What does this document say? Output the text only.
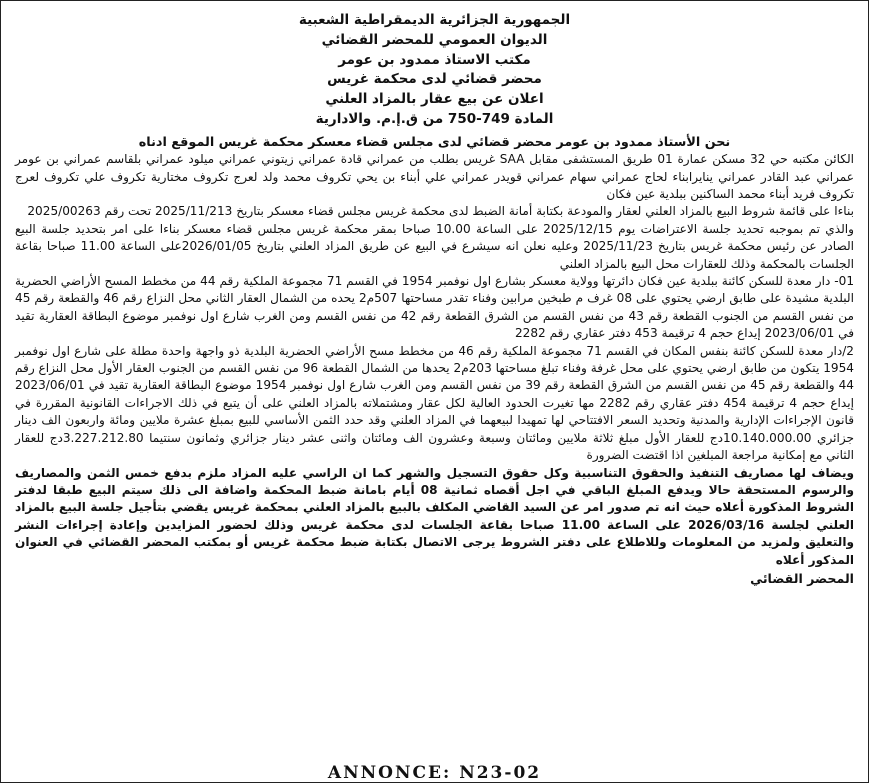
الجمهورية الجزائرية الديمقراطية الشعبية
الديوان العمومي للمحضر القضائي
مكتب الاستاذ ممدود بن عومر
محضر قضائي لدى محكمة غريس
اعلان عن بيع عقار بالمزاد العلني
المادة 749-750 من ق.إ.م. والادارية

نحن الأستاذ ممدود بن عومر محضر قضائي لدى مجلس قضاء معسكر محكمة غريس الموقع ادناه

الكائن مكتبه حي 32 مسكن عمارة 01 طريق المستشفى مقابل SAA غريس بطلب من عمراني قادة عمراني زيتوني عمراني ميلود عمراني بلقاسم عمراني بن عومر عمراني عبد القادر عمراني ينايرابناء لحاج عمراني سهام عمراني قويدر عمراني علي أبناء بن يحي تكروف محمد ولد لعرج تكروف مختارية تكروف علي تكروف لعرج تكروف فريد أبناء محمد الساكنين ببلدية عين فكان

بناءا على قائمة شروط البيع بالمزاد العلني لعقار والمودعة بكتابة أمانة الضبط لدى محكمة غريس مجلس قضاء معسكر بتاريخ 2025/11/213 تحت رقم 2025/00263

والذي تم بموجبه تحديد جلسة الاعتراضات يوم 2025/12/15 على الساعة 10.00 صباحا بمقر محكمة غريس مجلس قضاء معسكر بناءا على امر بتحديد جلسة البيع الصادر عن رئيس محكمة غريس بتاريخ 2025/11/23 وعليه نعلن انه سيشرع في البيع عن طريق المزاد العلني بتاريخ 2026/01/05على الساعة 11.00 صباحا بقاعة الجلسات بالمحكمة وذلك للعقارات محل البيع بالمزاد العلني

01- دار معدة للسكن كائنة ببلدية عين فكان دائرتها وولاية معسكر بشارع اول نوفمبر 1954 في القسم 71 مجموعة الملكية رقم 44 من مخطط المسح الأراضي الحضرية البلدية مشيدة على طابق ارضي يحتوي على 08 غرف م طبخين مرابين وفناء تقدر مساحتها 507م2 يحده من الشمال العقار الثاني محل النزاع رقم 46 والقطعة رقم 45 من نفس القسم من الجنوب القطعة رقم 43 من نفس القسم من الشرق القطعة رقم 42 من نفس القسم ومن الغرب شارع اول نوفمبر موضوع البطاقة العقارية تقيد في 2023/06/01 إيداع حجم 4 ترقيمة 453 دفتر عقاري رقم 2282

2/دار معدة للسكن كائنة بنفس المكان في القسم 71 مجموعة الملكية رقم 46 من مخطط مسح الأراضي الحضرية البلدية ذو واجهة واحدة مطلة على شارع اول نوفمبر 1954 يتكون من طابق ارضي يحتوي على محل غرفة وفناء تبلغ مساحتها 203م2 يحدها من الشمال القطعة 96 من نفس القسم من الجنوب العقار الأول محل النزاع رقم 44 والقطعة رقم 45 من نفس القسم من الشرق القطعة رقم 39 من نفس القسم ومن الغرب شارع اول نوفمبر 1954 موضوع البطاقة العقارية تقيد في 2023/06/01 إيداع حجم 4 ترقيمة 454 دفتر عقاري رقم 2282 مها تغيرت الحدود العالية لكل عقار ومشتملاته بالمزاد العلني على أن يتبع في ذلك الاجراءات القانونية المقررة في قانون الإجراءات الإدارية والمدنية وتحديد السعر الافتتاحي لها تمهيدا لبيعهما في المزاد العلني وقد حدد الثمن الأساسي للبيع بمبلغ عشرة ملايين ومائة واربعون الف دينار جزائري 10.140.000.00دج للعقار الأول مبلغ ثلاثة ملايين ومائتان وسبعة وعشرون الف ومائتان واثنى عشر دينار جزائري وثمانون سنتيما 3.227.212.80دج للعقار الثاني مع إمكانية مراجعة المبلغين اذا اقتضت الضرورة

ويضاف لها مصاريف التنفيذ والحقوق التناسبية وكل حقوق التسجيل والشهر كما ان الراسي عليه المزاد ملزم بدفع خمس الثمن والمصاريف والرسوم المستحقة حالا ويدفع المبلغ الباقي في اجل أقصاه ثمانية 08 أيام بامانة ضبط المحكمة واضافة الى ذلك سيتم البيع طبقا لدفتر الشروط المذكورة أعلاه حيث انه تم صدور امر عن السيد القاضي المكلف بالبيع بالمزاد العلني بمحكمة غريس يقضي بتأجيل جلسة البيع بالمزاد العلني لجلسة 2026/03/16 على الساعة 11.00 صباحا بقاعة الجلسات لدى محكمة غريس وذلك لحضور المزايدين وإعادة إجراءات النشر والتعليق ولمزيد من المعلومات وللاطلاع على دفتر الشروط يرجى الاتصال بكتابة ضبط محكمة غريس أو بمكتب المحضر القضائي في العنوان المذكور أعلاه

المحضر القضائي
ANNONCE: N23-02
